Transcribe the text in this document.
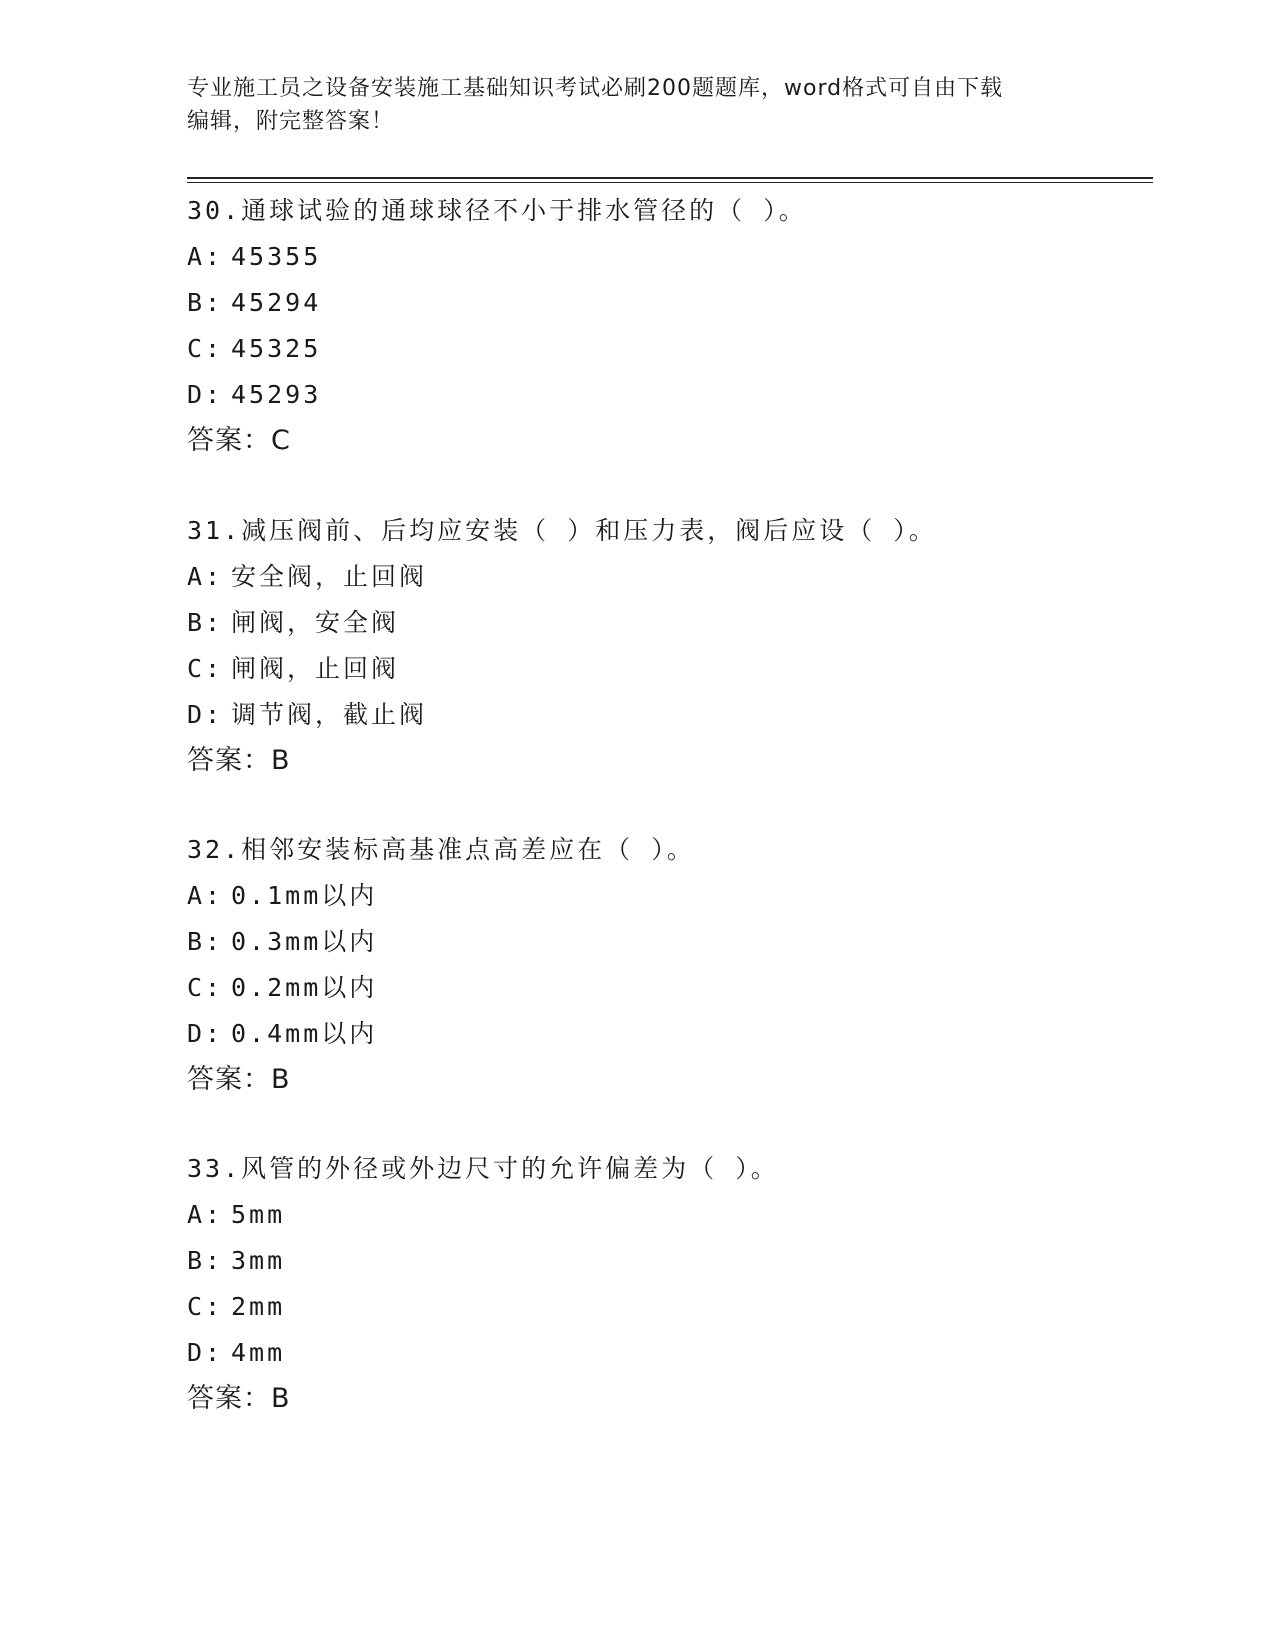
专业施工员之设备安装施工基础知识考试必刷200题题库，word格式可自由下载
编辑，附完整答案！
30.通球试验的通球球径不小于排水管径的（ ）。
A: 45355
B: 45294
C: 45325
D: 45293
答案：C
31.减压阀前、后均应安装（ ）和压力表，阀后应设（ ）。
A: 安全阀，止回阀
B: 闸阀，安全阀
C: 闸阀，止回阀
D: 调节阀，截止阀
答案：B
32.相邻安装标高基准点高差应在（ ）。
A: 0.1mm以内
B: 0.3mm以内
C: 0.2mm以内
D: 0.4mm以内
答案：B
33.风管的外径或外边尺寸的允许偏差为（ ）。
A: 5mm
B: 3mm
C: 2mm
D: 4mm
答案：B
